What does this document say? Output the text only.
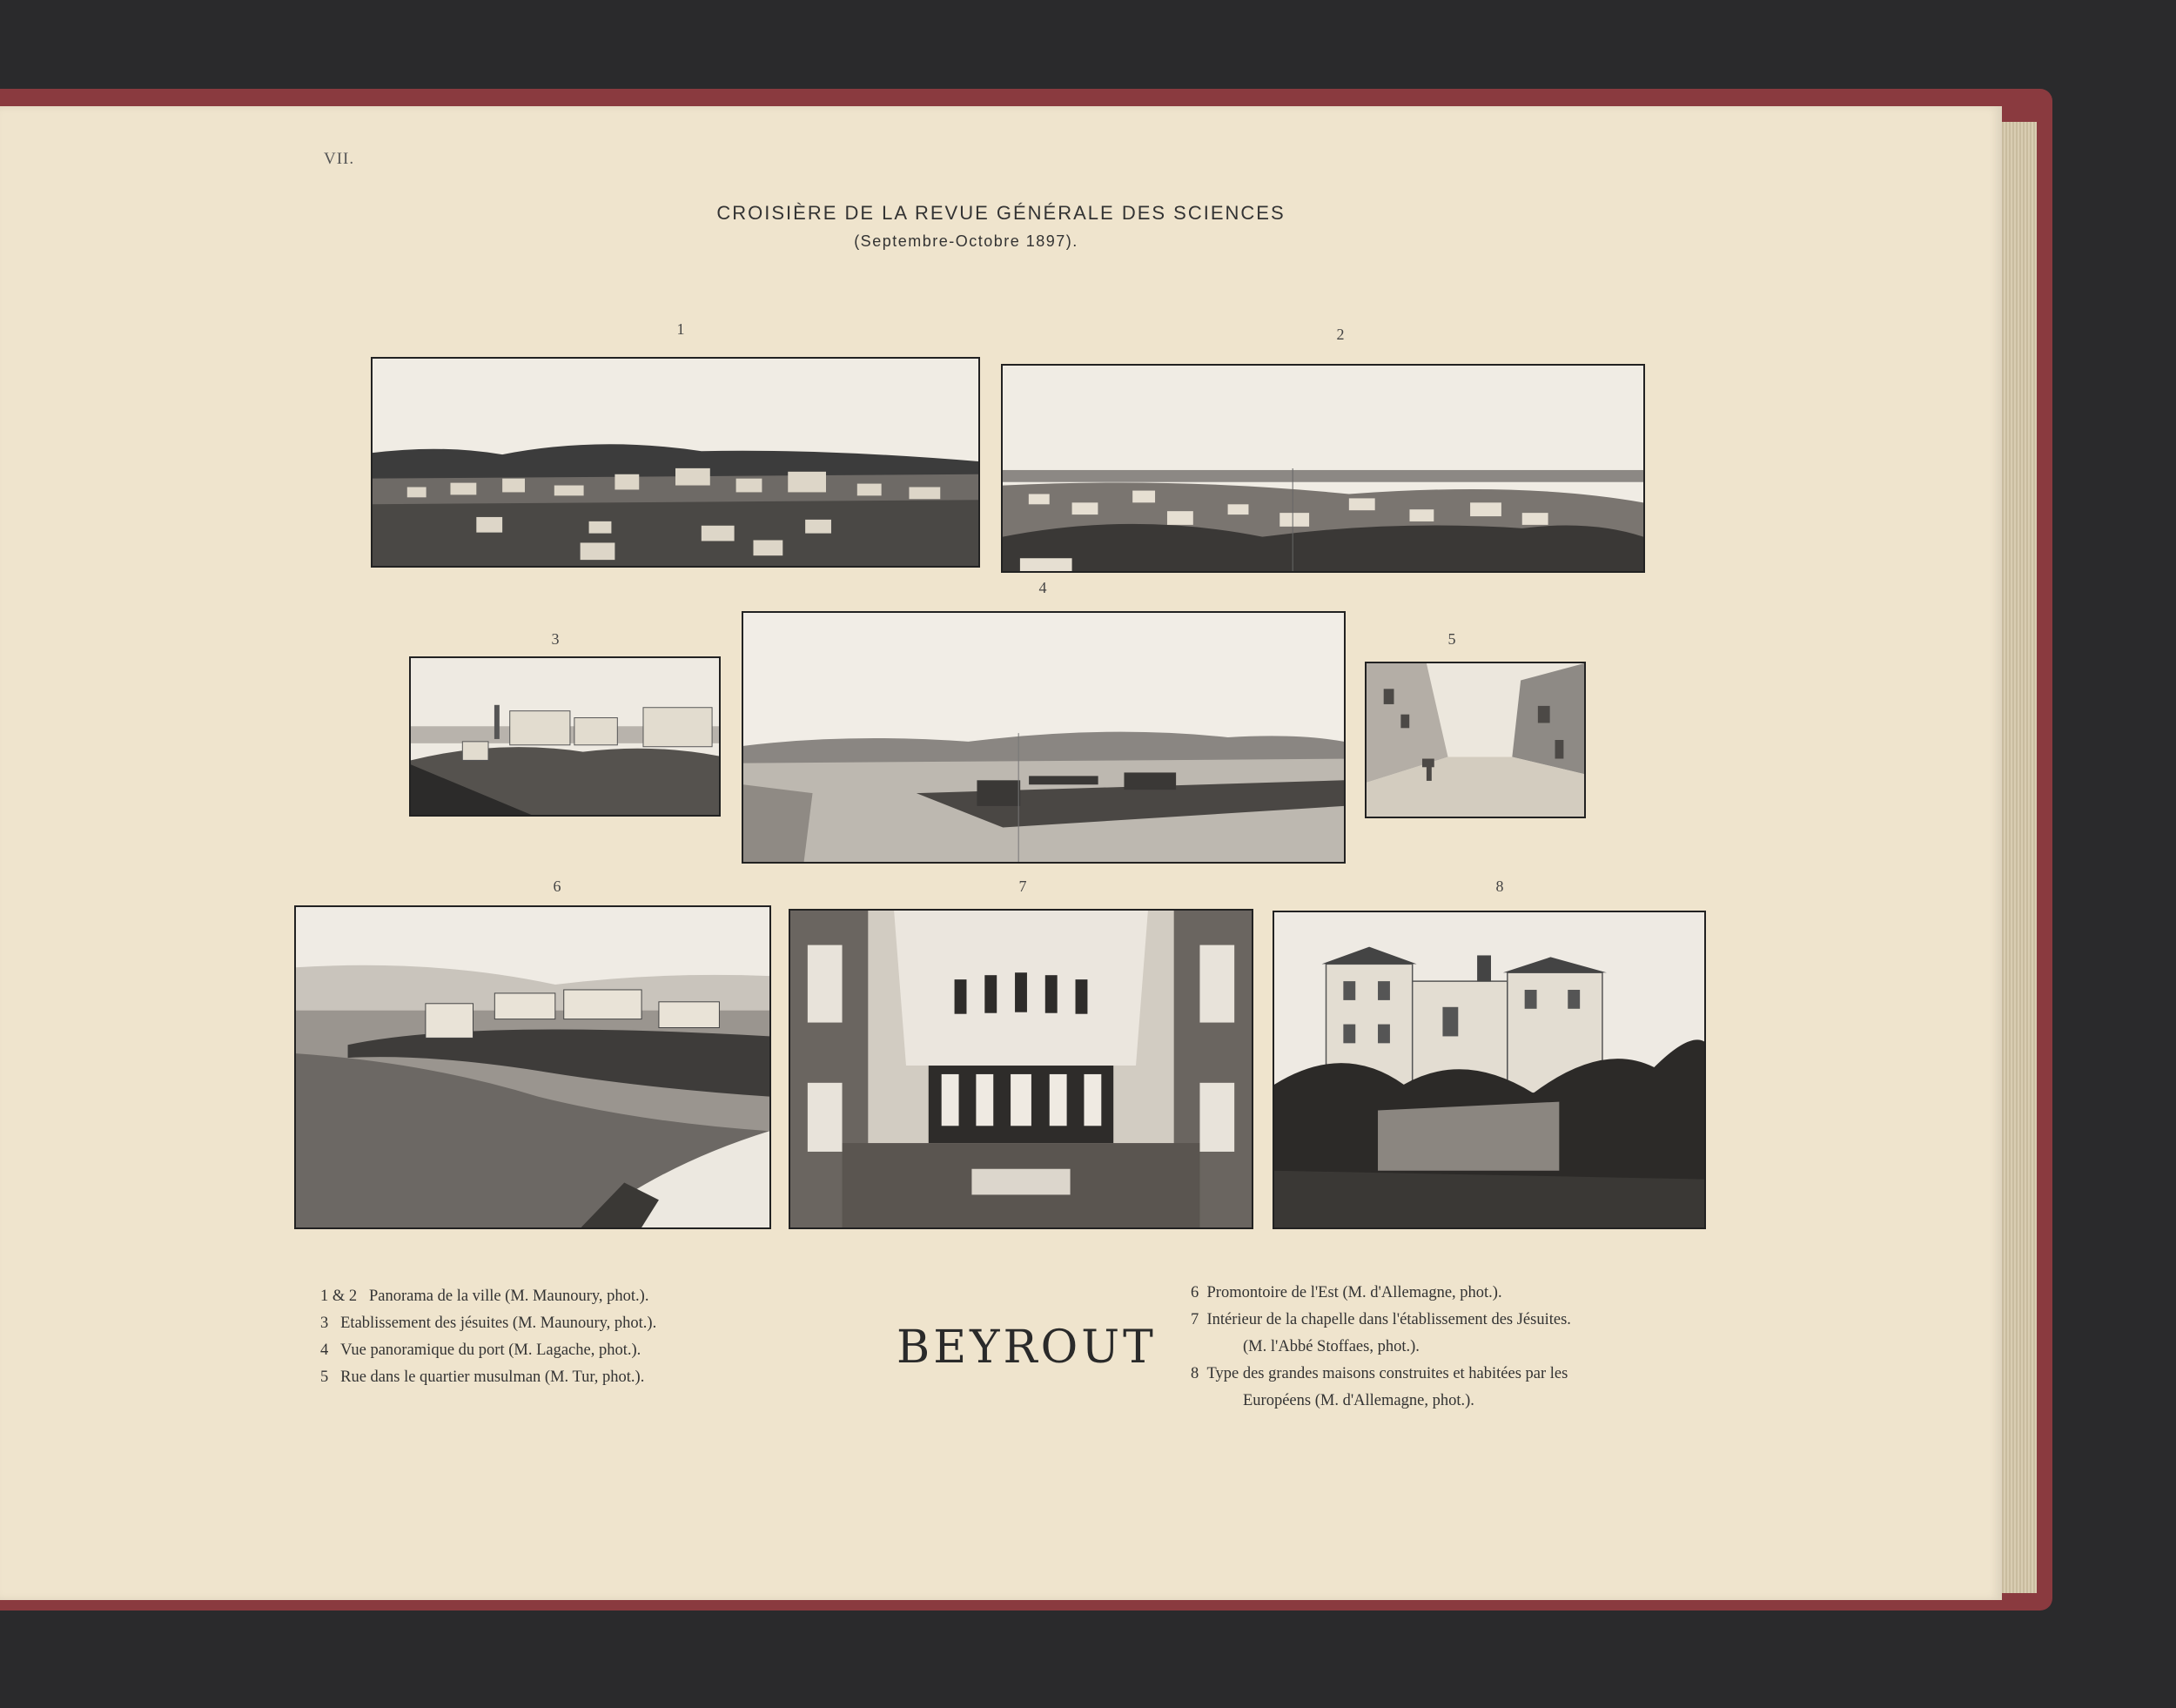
VII.
CROISIÈRE DE LA REVUE GÉNÉRALE DES SCIENCES
(Septembre-Octobre 1897).
1	2
3
4
5
6	7	8
1 & 2 Panorama de la ville (M. Maunoury, phot.).
3 Etablissement des jésuites (M. Maunoury, phot.).
4 Vue panoramique du port (M. Lagache, phot.).
5 Rue dans le quartier musulman (M. Tur, phot.).
BEYROUT
6 Promontoire de l'Est (M. d'Allemagne, phot.).
7 Intérieur de la chapelle dans l'établissement des Jésuites.
(M. l'Abbé Stoffaes, phot.).
8 Type des grandes maisons construites et habitées par les
Européens (M. d'Allemagne, phot.).
